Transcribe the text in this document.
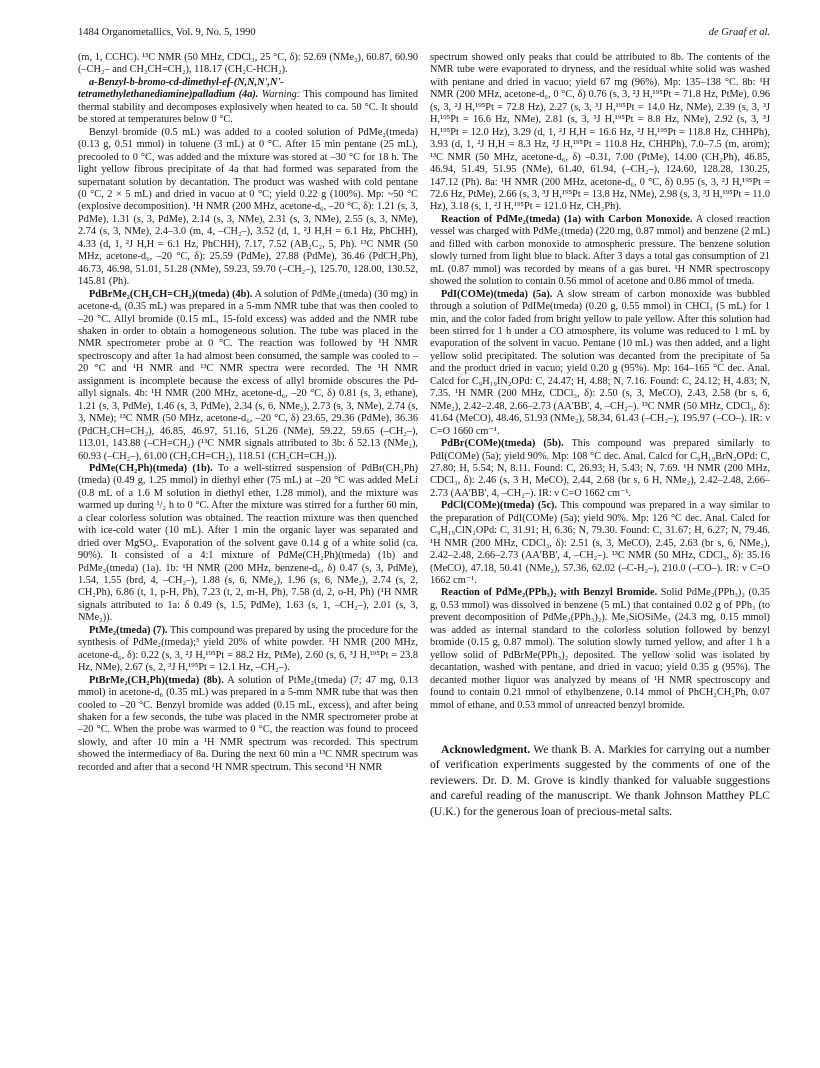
1484 Organometallics, Vol. 9, No. 5, 1990	de Graaf et al.

(m, 1, CCHC). ¹³C NMR (50 MHz, CDCl₃, 25 °C, δ): 52.69 (NMe₂), 60.87, 60.90 (–CH₂– and CH₂CH=CH₂), 118.17 (CH₂C-HCH₂).

a-Benzyl-b-bromo-cd-dimethyl-ef-(N,N,N',N'-tetramethylethanediamine)palladium (4a). Warning: This compound has limited thermal stability and decomposes explosively when heated to ca. 50 °C. It should be stored at temperatures below 0 °C.

Benzyl bromide (0.5 mL) was added to a cooled solution of PdMe₂(tmeda) (0.13 g, 0.51 mmol) in toluene (3 mL) at 0 °C. After 15 min pentane (25 mL), precooled to 0 °C, was added and the mixture was stored at –30 °C for 18 h. The light yellow fibrous precipitate of 4a that had formed was separated from the supernatant solution by decantation. The product was washed with cold pentane (0 °C, 2 × 5 mL) and dried in vacuo at 0 °C; yield 0.22 g (100%). Mp: ~50 °C (explosive decomposition). ¹H NMR (200 MHz, acetone-d₆, –20 °C, δ): 1.21 (s, 3, PdMe), 1.31 (s, 3, PdMe), 2.14 (s, 3, NMe), 2.31 (s, 3, NMe), 2.55 (s, 3, NMe), 2.74 (s, 3, NMe), 2.4–3.0 (m, 4, –CH₂–), 3.52 (d, 1, ²J H,H = 6.1 Hz, PhCHH), 4.33 (d, 1, ²J H,H = 6.1 Hz, PhCHH), 7.17, 7.52 (AB₂C₂, 5, Ph). ¹³C NMR (50 MHz, acetone-d₆, –20 °C, δ): 25.59 (PdMe), 27.88 (PdMe), 36.46 (PdCH₂Ph), 46.73, 46.98, 51.01, 51.28 (NMe), 59.23, 59.70 (–CH₂–), 125.70, 128.00, 130.52, 145.81 (Ph).

PdBrMe₂(CH₂CH=CH₂)(tmeda) (4b). A solution of PdMe₂(tmeda) (30 mg) in acetone-d₆ (0.35 mL) was prepared in a 5-mm NMR tube that was then cooled to –20 °C. Allyl bromide (0.15 mL, 15-fold excess) was added and the NMR tube shaken in order to obtain a homogeneous solution. The tube was placed in the NMR spectrometer probe at 0 °C. The reaction was followed by ¹H NMR spectroscopy and after 1a had almost been consumed, the sample was cooled to –20 °C and ¹H NMR and ¹³C NMR spectra were recorded. The ¹H NMR assignment is incomplete because the excess of allyl bromide obscures the Pd-allyl signals. 4b: ¹H NMR (200 MHz, acetone-d₆, –20 °C, δ) 0.81 (s, 3, ethane), 1.21 (s, 3, PdMe), 1.46 (s, 3, PdMe), 2.34 (s, 6, NMe₂), 2.73 (s, 3, NMe), 2.74 (s, 3, NMe); ¹³C NMR (50 MHz, acetone-d₆, –20 °C, δ) 23.65, 29.36 (PdMe), 36.36 (PdCH₂CH=CH₂), 46.85, 46.97, 51.16, 51.26 (NMe), 59.22, 59.65 (–CH₂–), 113.01, 143.88 (–CH=CH₂) (¹³C NMR signals attributed to 3b: δ 52.13 (NMe₂), 60.93 (–CH₂–), 61.00 (CH₂CH=CH₂), 118.51 (CH₂CH=CH₂)).

PdMe(CH₂Ph)(tmeda) (1b). To a well-stirred suspension of PdBr(CH₂Ph)(tmeda) (0.49 g, 1.25 mmol) in diethyl ether (75 mL) at –20 °C was added MeLi (0.8 mL of a 1.6 M solution in diethyl ether, 1.28 mmol), and the mixture was warmed up during ¹/₂ h to 0 °C. After the mixture was stirred for a further 60 min, a clear colorless solution was obtained. The reaction mixture was then quenched with ice-cold water (10 mL). After 1 min the organic layer was separated and dried over MgSO₄. Evaporation of the solvent gave 0.14 g of a white solid (ca. 90%). It consisted of a 4:1 mixture of PdMe(CH₂Ph)(tmeda) (1b) and PdMe₂(tmeda) (1a). 1b: ¹H NMR (200 MHz, benzene-d₆, δ) 0.47 (s, 3, PdMe), 1.54, 1.55 (brd, 4, –CH₂–), 1.88 (s, 6, NMe₂), 1.96 (s, 6, NMe₂), 2.74 (s, 2, CH₂Ph), 6.86 (t, 1, p-H, Ph), 7.23 (t, 2, m-H, Ph), 7.58 (d, 2, o-H, Ph) (¹H NMR signals attributed to 1a: δ 0.49 (s, 1.5, PdMe), 1.63 (s, 1, –CH₂–), 2.01 (s, 3, NMe₂)).

PtMe₂(tmeda) (7). This compound was prepared by using the procedure for the synthesis of PdMe₂(tmeda);³ yield 20% of white powder. ¹H NMR (200 MHz, acetone-d₆, δ): 0.22 (s, 3, ²J H,¹⁹⁵Pt = 88.2 Hz, PtMe), 2.60 (s, 6, ³J H,¹⁹⁵Pt = 23.8 Hz, NMe), 2.67 (s, 2, ³J H,¹⁹⁵Pt = 12.1 Hz, –CH₂–).

PtBrMe₂(CH₂Ph)(tmeda) (8b). A solution of PtMe₂(tmeda) (7; 47 mg, 0.13 mmol) in acetone-d₆ (0.35 mL) was prepared in a 5-mm NMR tube that was then cooled to –20 °C. Benzyl bromide was added (0.15 mL, excess), and after being shaken for a few seconds, the tube was placed in the NMR spectrometer probe at –20 °C. When the probe was warmed to 0 °C, the reaction was found to proceed slowly, and after 10 min a ¹H NMR spectrum was recorded. This spectrum showed the intermediacy of 8a. During the next 60 min a ¹³C NMR spectrum was recorded and after that a second ¹H NMR spectrum. This second ¹H NMR

spectrum showed only peaks that could be attributed to 8b. The contents of the NMR tube were evaporated to dryness, and the residual white solid was washed with pentane and dried in vacuo; yield 67 mg (96%). Mp: 135–138 °C. 8b: ¹H NMR (200 MHz, acetone-d₆, 0 °C, δ) 0.76 (s, 3, ²J H,¹⁹⁵Pt = 71.8 Hz, PtMe), 0.96 (s, 3, ²J H,¹⁹⁵Pt = 72.8 Hz), 2.27 (s, 3, ³J H,¹⁹⁵Pt = 14.0 Hz, NMe), 2.39 (s, 3, ³J H,¹⁹⁵Pt = 16.6 Hz, NMe), 2.81 (s, 3, ³J H,¹⁹⁵Pt = 8.8 Hz, NMe), 2.92 (s, 3, ³J H,¹⁹⁵Pt = 12.0 Hz), 3.29 (d, 1, ²J H,H = 16.6 Hz, ²J H,¹⁹⁵Pt = 118.8 Hz, CHHPh), 3.93 (d, 1, ²J H,H = 8.3 Hz, ²J H,¹⁹⁵Pt = 110.8 Hz, CHHPh), 7.0–7.5 (m, arom); ¹³C NMR (50 MHz, acetone-d₆, δ) –0.31, 7.00 (PtMe), 14.00 (CH₂Ph), 46.85, 46.94, 51.49, 51.95 (NMe), 61.40, 61.94, (–CH₂–), 124.60, 128.28, 130.25, 147.12 (Ph). 8a: ¹H NMR (200 MHz, acetone-d₆, 0 °C, δ) 0.95 (s, 3, ²J H,¹⁹⁵Pt = 72.6 Hz, PtMe), 2.66 (s, 3, ³J H,¹⁹⁵Pt = 13.8 Hz, NMe), 2.98 (s, 3, ³J H,¹⁹⁵Pt = 11.0 Hz), 3.18 (s, 1, ²J H,¹⁹⁵Pt = 121.0 Hz, CH₂Ph).

Reaction of PdMe₂(tmeda) (1a) with Carbon Monoxide. A closed reaction vessel was charged with PdMe₂(tmeda) (220 mg, 0.87 mmol) and benzene (2 mL) and filled with carbon monoxide to atmospheric pressure. The benzene solution slowly turned from light blue to black. After 3 days a total gas consumption of 21 mL (0.87 mmol) was recorded by means of a gas buret. ¹H NMR spectroscopy showed the solution to contain 0.56 mmol of acetone and 0.86 mmol of tmeda.

PdI(COMe)(tmeda) (5a). A slow stream of carbon monoxide was bubbled through a solution of PdIMe(tmeda) (0.20 g, 0.55 mmol) in CHCl₃ (5 mL) for 1 min, and the color faded from bright yellow to pale yellow. After this solution had been stirred for 1 h under a CO atmosphere, its volume was reduced to 1 mL by evaporation of the solvent in vacuo. Pentane (10 mL) was then added, and a light yellow solid precipitated. The solution was decanted from the precipitate of 5a and the product dried in vacuo; yield 0.20 g (95%). Mp: 164–165 °C dec. Anal. Calcd for C₉H₁₉IN₂OPd: C, 24.47; H, 4.88; N, 7.16. Found: C, 24.12; H, 4.83; N, 7.35. ¹H NMR (200 MHz, CDCl₃, δ): 2.50 (s, 3, MeCO), 2.43, 2.58 (br s, 6, NMe₂), 2.42–2.48, 2.66–2.73 (AA'BB', 4, –CH₂–). ¹³C NMR (50 MHz, CDCl₃, δ): 41.64 (MeCO), 48.46, 51.93 (NMe₂), 58.34, 61.43 (–CH₂–), 195.97 (–CO–). IR: ν C=O 1660 cm⁻¹.

PdBr(COMe)(tmeda) (5b). This compound was prepared similarly to PdI(COMe) (5a); yield 90%. Mp: 108 °C dec. Anal. Calcd for C₉H₁₉BrN₂OPd: C, 27.80; H, 5.54; N, 8.11. Found: C, 26.93; H, 5.43; N, 7.69. ¹H NMR (200 MHz, CDCl₃, δ): 2.46 (s, 3 H, MeCO), 2.44, 2.68 (br s, 6 H, NMe₂), 2.42–2.48, 2.66–2.73 (AA'BB', 4, –CH₂–). IR: ν C=O 1662 cm⁻¹.

PdCl(COMe)(tmeda) (5c). This compound was prepared in a way similar to the preparation of PdI(COMe) (5a); yield 90%. Mp: 126 °C dec. Anal. Calcd for C₉H₁₉ClN₂OPd: C, 31.91; H, 6.36; N, 79.30. Found: C, 31.67; H, 6.27; N, 79.46. ¹H NMR (200 MHz, CDCl₃, δ): 2.51 (s, 3, MeCO), 2.45, 2.63 (br s, 6, NMe₂), 2.42–2.48, 2.66–2.73 (AA'BB', 4, –CH₂–). ¹³C NMR (50 MHz, CDCl₃, δ): 35.16 (MeCO), 47.18, 50.41 (NMe₂), 57.36, 62.02 (–C-H₂–), 210.0 (–CO–). IR: ν C=O 1662 cm⁻¹.

Reaction of PdMe₂(PPh₃)₂ with Benzyl Bromide. Solid PdMe₂(PPh₃)₂ (0.35 g, 0.53 mmol) was dissolved in benzene (5 mL) that contained 0.02 g of PPh₃ (to prevent decomposition of PdMe₂(PPh₃)₂). Me₃SiOSiMe₃ (24.3 mg, 0.15 mmol) was added as internal standard to the colorless solution followed by benzyl bromide (0.15 g, 0.87 mmol). The solution slowly turned yellow, and after 1 h a yellow solid of PdBrMe(PPh₃)₂ deposited. The yellow solid was isolated by decantation, washed with pentane, and dried in vacuo; yield 0.35 g (95%). The decanted mother liquor was analyzed by means of ¹H NMR spectroscopy and found to contain 0.21 mmol of ethylbenzene, 0.14 mmol of PhCH₂CH₂Ph, 0.07 mmol of ethane, and 0.53 mmol of unreacted benzyl bromide.

Acknowledgment. We thank B. A. Markies for carrying out a number of verification experiments suggested by the comments of one of the reviewers. Dr. D. M. Grove is kindly thanked for valuable suggestions and careful reading of the manuscript. We thank Johnson Matthey PLC (U.K.) for the generous loan of precious-metal salts.
